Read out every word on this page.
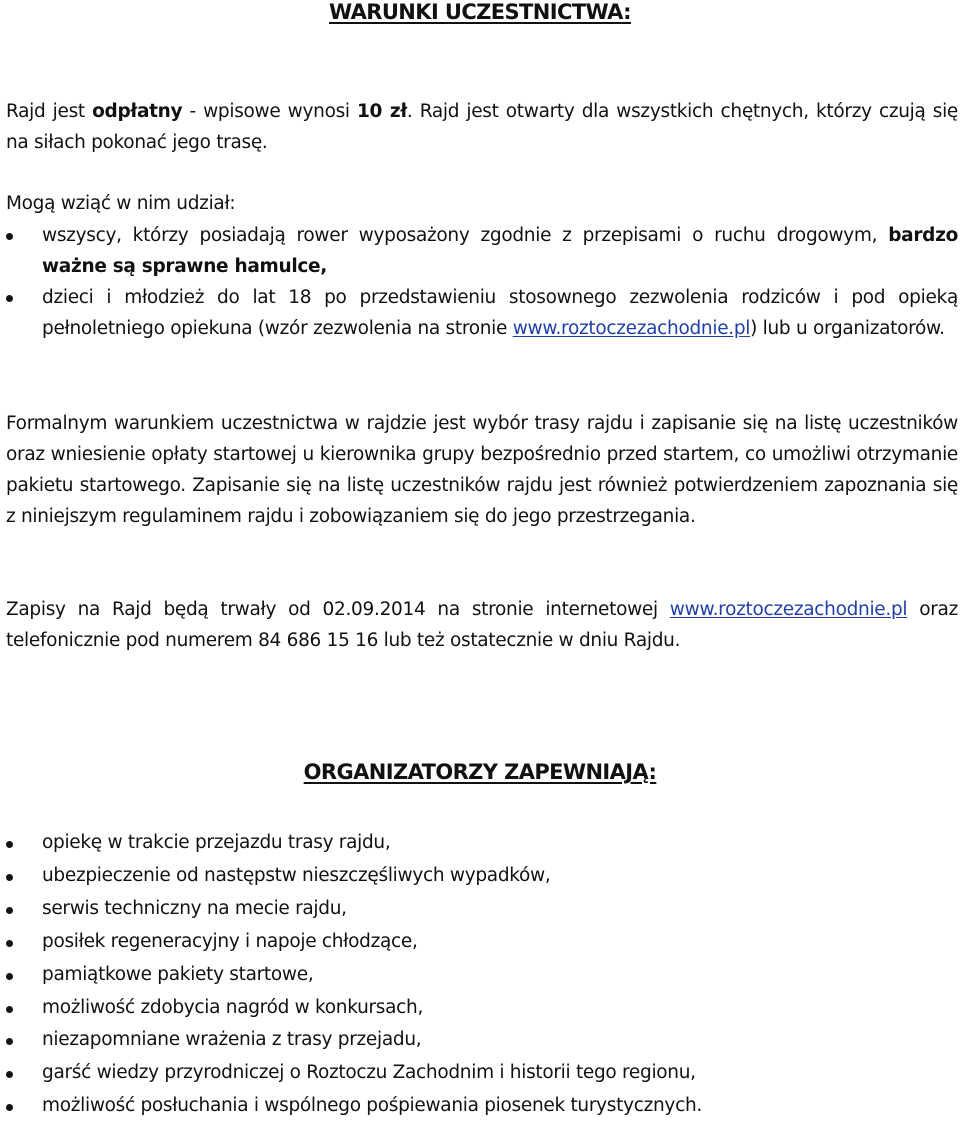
WARUNKI UCZESTNICTWA:

Rajd jest odpłatny - wpisowe wynosi 10 zł. Rajd jest otwarty dla wszystkich chętnych, którzy czują się na siłach pokonać jego trasę.

Mogą wziąć w nim udział:

wszyscy, którzy posiadają rower wyposażony zgodnie z przepisami o ruchu drogowym, bardzo ważne są sprawne hamulce,
dzieci i młodzież do lat 18 po przedstawieniu stosownego zezwolenia rodziców i pod opieką pełnoletniego opiekuna (wzór zezwolenia na stronie www.roztoczezachodnie.pl) lub u organizatorów.

Formalnym warunkiem uczestnictwa w rajdzie jest wybór trasy rajdu i zapisanie się na listę uczestników oraz wniesienie opłaty startowej u kierownika grupy bezpośrednio przed startem, co umożliwi otrzymanie pakietu startowego. Zapisanie się na listę uczestników rajdu jest również potwierdzeniem zapoznania się z niniejszym regulaminem rajdu i zobowiązaniem się do jego przestrzegania.

Zapisy na Rajd będą trwały od 02.09.2014 na stronie internetowej www.roztoczezachodnie.pl oraz telefonicznie pod numerem 84 686 15 16 lub też ostatecznie w dniu Rajdu.

ORGANIZATORZY ZAPEWNIAJĄ:
opiekę w trakcie przejazdu trasy rajdu,
ubezpieczenie od następstw nieszczęśliwych wypadków,
serwis techniczny na mecie rajdu,
posiłek regeneracyjny i napoje chłodzące,
pamiątkowe pakiety startowe,
możliwość zdobycia nagród w konkursach,
niezapomniane wrażenia z trasy przejadu,
garść wiedzy przyrodniczej o Roztoczu Zachodnim i historii tego regionu,
możliwość posłuchania i wspólnego pośpiewania piosenek turystycznych.
